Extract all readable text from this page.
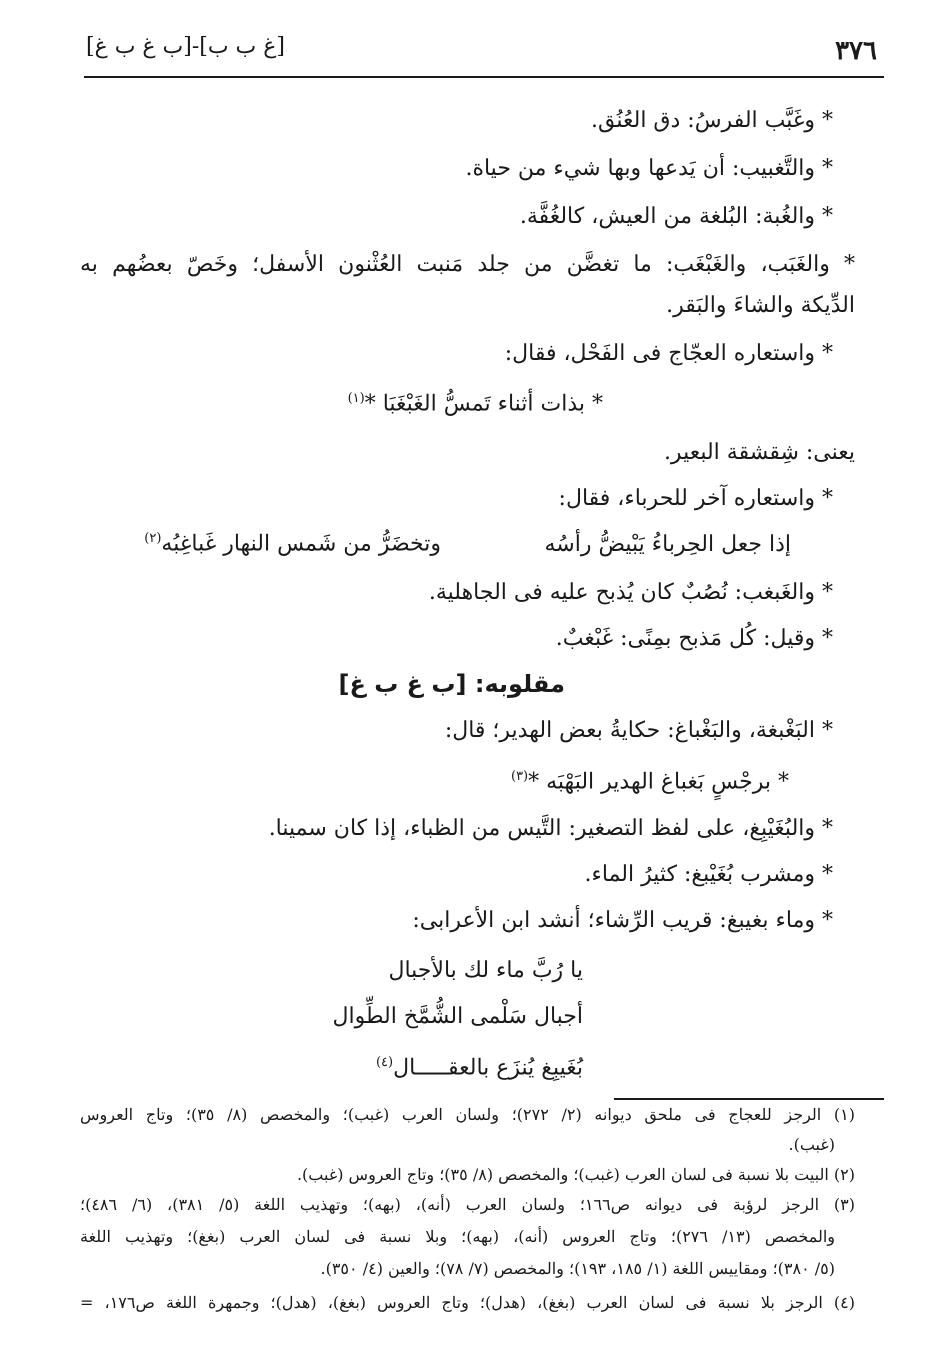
٣٧٦
[غ ب ب]-[ب غ ب غ]
* وغَبَّب الفرسُ: دق العُنُق.
* والتَّغبيب: أن يَدعها وبها شيء من حياة.
* والغُبة: البُلغة من العيش، كالغُفَّة.
* والغَبَب، والغَبْغَب: ما تغضَّن من جلد مَنبت العُثْنون الأسفل؛ وخَصّ بعضُهم به
الدِّيكة والشاءَ والبَقر.
* واستعاره العجّاج فى الفَحْل، فقال:
* بذات أثناء تَمسُّ الغَبْغَبَا *$^{(١)}$
يعنى: شِقشقة البعير.
* واستعاره آخر للحرباء، فقال:
إذا جعل الحِرباءُ يَبْيضُّ رأسُه
وتخضَرُّ من شَمس النهار غَباغِبُه$^{(٢)}$
* والغَبغب: نُصُبٌ كان يُذبح عليه فى الجاهلية.
* وقيل: كُل مَذبح بمِنًى: غَبْغبٌ.
مقلوبه: [ب غ ب غ]
* البَغْبغة، والبَغْباغ: حكايةُ بعض الهدير؛ قال:
* برجْسٍ بَغباغ الهدير البَهْبَه *$^{(٣)}$
* والبُغَيْبِغ، على لفظ التصغير: التَّيس من الظباء، إذا كان سمينا.
* ومشرب بُغَيْبغ: كثيرُ الماء.
* وماء بغيبغ: قريب الرِّشاء؛ أنشد ابن الأعرابى:
يا رُبَّ ماء لك بالأجبال
أجبال سَلْمى الشُّمَّخ الطِّوال
بُغَيبِغ يُنزَع بالعقـــــال$^{(٤)}$
(١) الرجز للعجاج فى ملحق ديوانه (٢/ ٢٧٢)؛ ولسان العرب (غبب)؛ والمخصص (٨/ ٣٥)؛ وتاج العروس
(غبب).
(٢) البيت بلا نسبة فى لسان العرب (غبب)؛ والمخصص (٨/ ٣٥)؛ وتاج العروس (غبب).
(٣) الرجز لرؤبة فى ديوانه ص١٦٦؛ ولسان العرب (أنه)، (بهه)؛ وتهذيب اللغة (٥/ ٣٨١)، (٦/ ٤٨٦)؛
والمخصص (١٣/ ٢٧٦)؛ وتاج العروس (أنه)، (بهه)؛ وبلا نسبة فى لسان العرب (بغغ)؛ وتهذيب اللغة
(٥/ ٣٨٠)؛ ومقاييس اللغة (١/ ١٨٥، ١٩٣)؛ والمخصص (٧/ ٧٨)؛ والعين (٤/ ٣٥٠).
(٤) الرجز بلا نسبة فى لسان العرب (بغغ)، (هدل)؛ وتاج العروس (بغغ)، (هدل)؛ وجمهرة اللغة ص١٧٦، =
